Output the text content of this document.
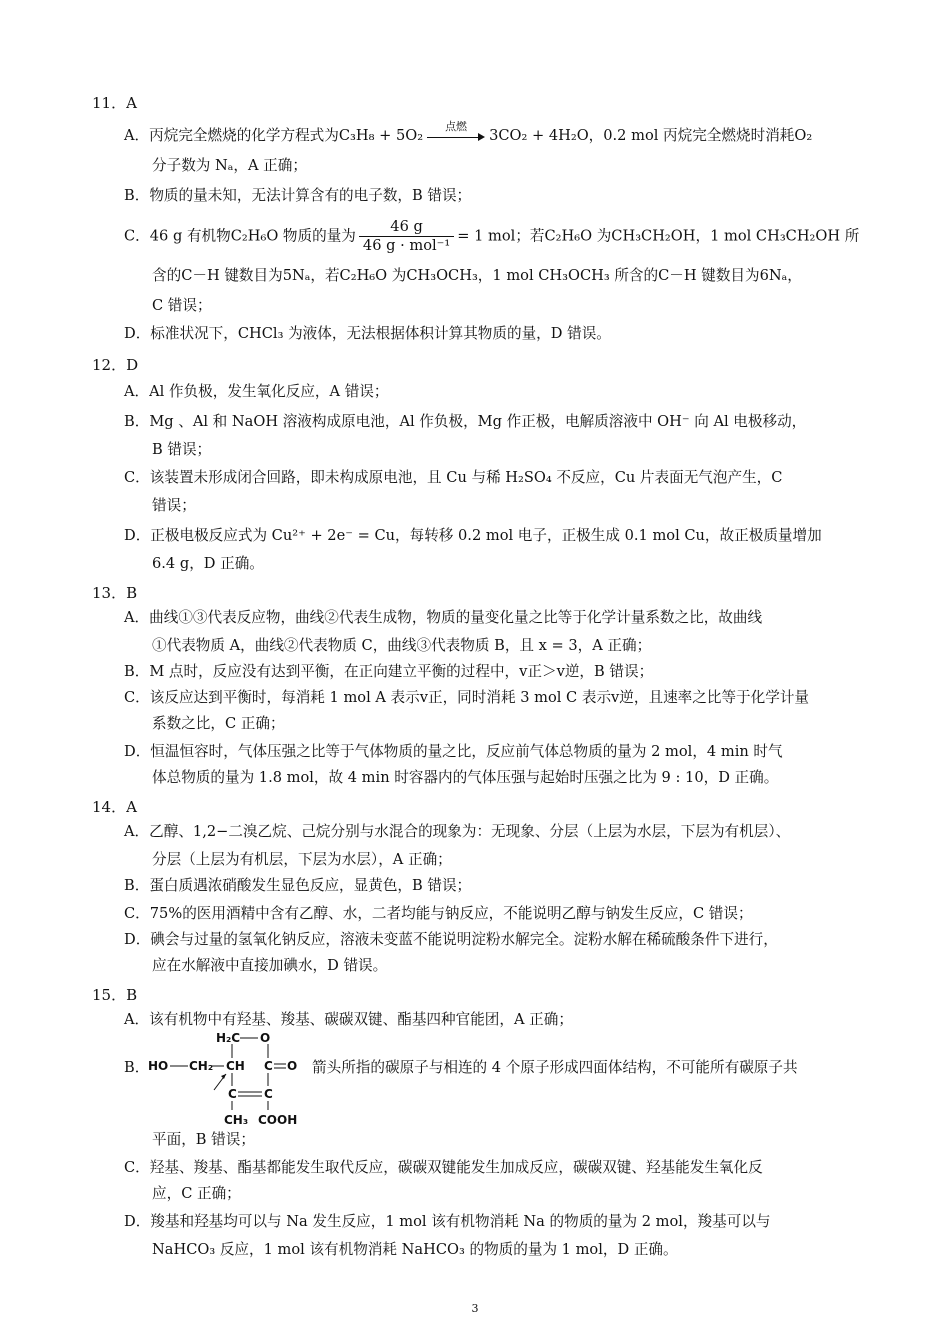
11．A
A．丙烷完全燃烧的化学方程式为C₃H₈ + 5O₂
点燃
3CO₂ + 4H₂O，0.2 mol 丙烷完全燃烧时消耗O₂
分子数为 Nₐ，A 正确；
B．物质的量未知，无法计算含有的电子数，B 错误；
C．46 g 有机物C₂H₆O 物质的量为 $\frac{46 g}{\text{46 g · mol⁻¹}} = 1$ mol；若C₂H₆O 为CH₃CH₂OH，1 mol CH₃CH₂OH 所
含的C－H 键数目为5Nₐ，若C₂H₆O 为CH₃OCH₃，1 mol CH₃OCH₃ 所含的C－H 键数目为6Nₐ，
C 错误；
D．标准状况下，CHCl₃ 为液体，无法根据体积计算其物质的量，D 错误。
12．D
A．Al 作负极，发生氧化反应，A 错误；
B．Mg 、Al 和 NaOH 溶液构成原电池，Al 作负极，Mg 作正极，电解质溶液中 OH⁻ 向 Al 电极移动，
B 错误；
C．该装置未形成闭合回路，即未构成原电池，且 Cu 与稀 H₂SO₄ 不反应，Cu 片表面无气泡产生，C
错误；
D．正极电极反应式为 Cu²⁺ + 2e⁻ = Cu，每转移 0.2 mol 电子，正极生成 0.1 mol Cu，故正极质量增加
6.4 g，D 正确。
13．B
A．曲线①③代表反应物，曲线②代表生成物，物质的量变化量之比等于化学计量系数之比，故曲线
①代表物质 A，曲线②代表物质 C，曲线③代表物质 B，且 x = 3，A 正确；
B．M 点时，反应没有达到平衡，在正向建立平衡的过程中，v正＞v逆，B 错误；
C．该反应达到平衡时，每消耗 1 mol A 表示v正，同时消耗 3 mol C 表示v逆，且速率之比等于化学计量
系数之比，C 正确；
D．恒温恒容时，气体压强之比等于气体物质的量之比，反应前气体总物质的量为 2 mol，4 min 时气
体总物质的量为 1.8 mol，故 4 min 时容器内的气体压强与起始时压强之比为 9 : 10，D 正确。
14．A
A．乙醇、1,2−二溴乙烷、己烷分别与水混合的现象为：无现象、分层（上层为水层，下层为有机层）、
分层（上层为有机层，下层为水层），A 正确；
B．蛋白质遇浓硝酸发生显色反应，显黄色，B 错误；
C．75%的医用酒精中含有乙醇、水，二者均能与钠反应，不能说明乙醇与钠发生反应，C 错误；
D．碘会与过量的氢氧化钠反应，溶液未变蓝不能说明淀粉水解完全。淀粉水解在稀硫酸条件下进行，
应在水解液中直接加碘水，D 错误。
15．B
A．该有机物中有羟基、羧基、碳碳双键、酯基四种官能团，A 正确；
B．
H₂C O
HO CH₂ CH C O
C C
CH₃ COOH
箭头所指的碳原子与相连的 4 个原子形成四面体结构，不可能所有碳原子共
平面，B 错误；
C．羟基、羧基、酯基都能发生取代反应，碳碳双键能发生加成反应，碳碳双键、羟基能发生氧化反
应，C 正确；
D．羧基和羟基均可以与 Na 发生反应，1 mol 该有机物消耗 Na 的物质的量为 2 mol，羧基可以与
NaHCO₃ 反应，1 mol 该有机物消耗 NaHCO₃ 的物质的量为 1 mol，D 正确。
3
